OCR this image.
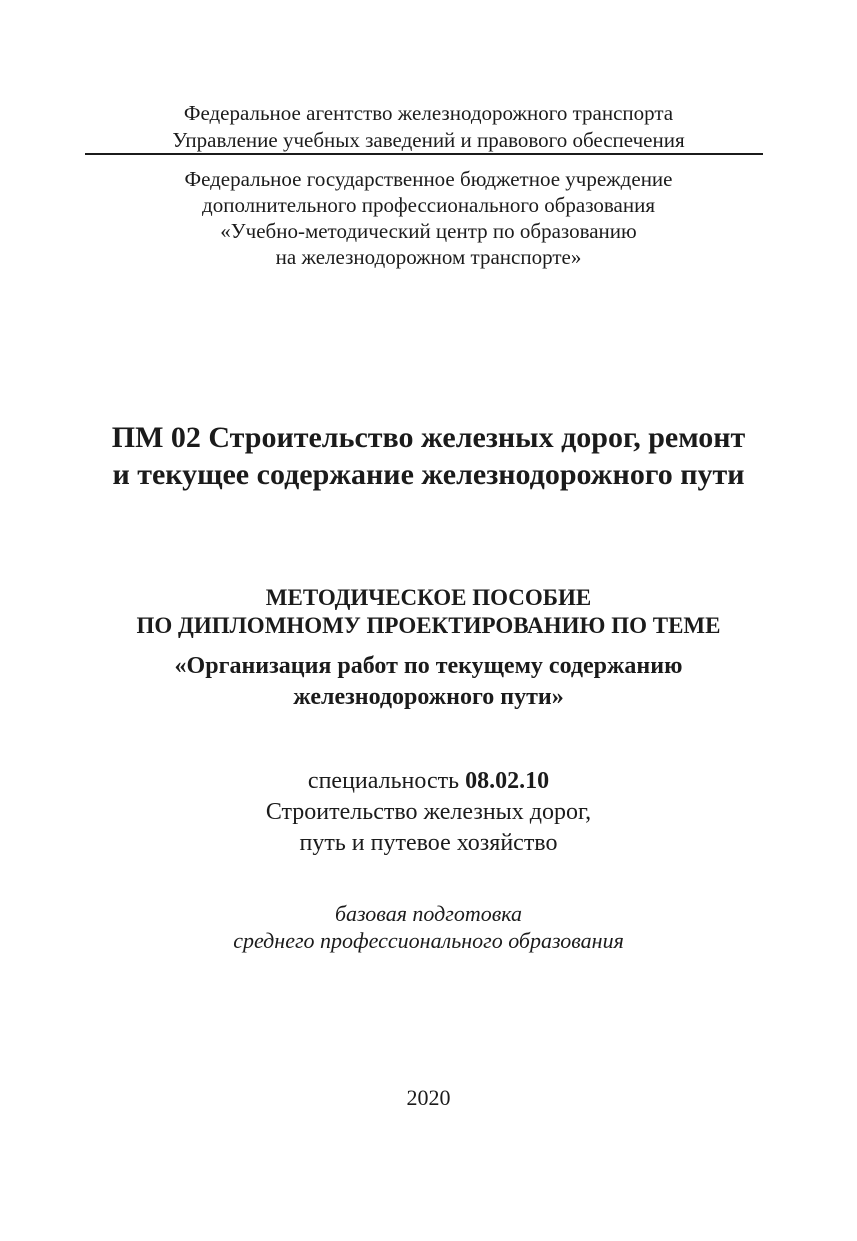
Федеральное агентство железнодорожного транспорта
Управление учебных заведений и правового обеспечения
Федеральное государственное бюджетное учреждение
дополнительного профессионального образования
«Учебно-методический центр по образованию
на железнодорожном транспорте»
ПМ 02 Строительство железных дорог, ремонт
и текущее содержание железнодорожного пути
МЕТОДИЧЕСКОЕ ПОСОБИЕ
ПО ДИПЛОМНОМУ ПРОЕКТИРОВАНИЮ ПО ТЕМЕ
«Организация работ по текущему содержанию
железнодорожного пути»
специальность 08.02.10
Строительство железных дорог,
путь и путевое хозяйство
базовая подготовка
среднего профессионального образования
2020
